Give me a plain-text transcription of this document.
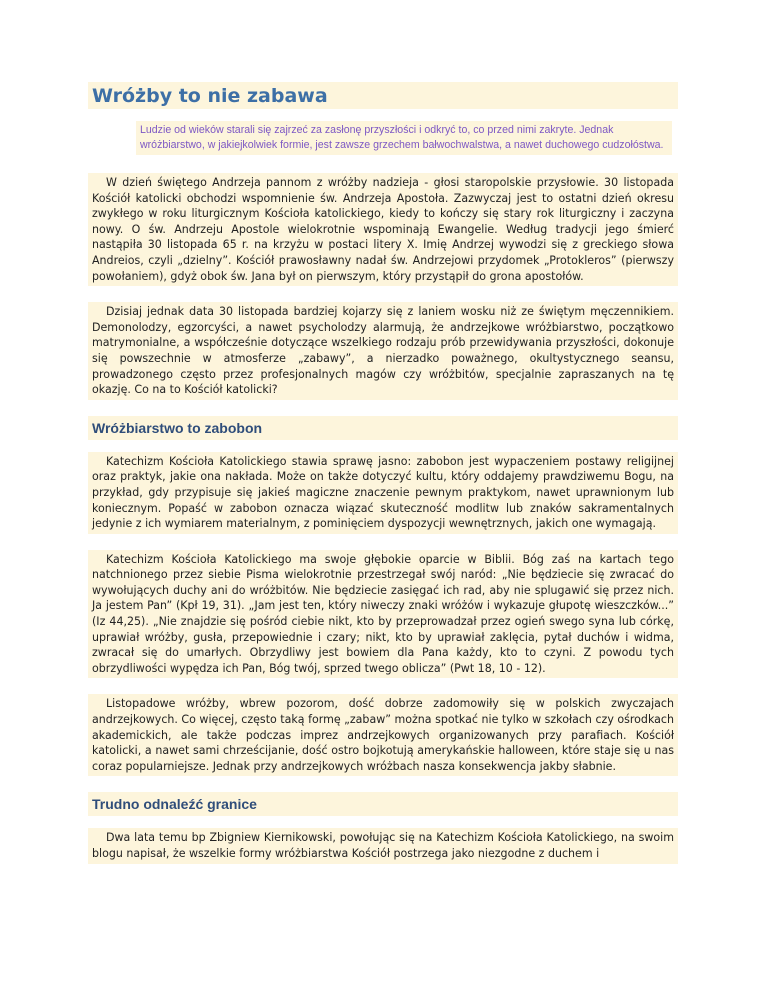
Wróżby to nie zabawa
Ludzie od wieków starali się zajrzeć za zasłonę przyszłości i odkryć to, co przed nimi zakryte. Jednak wróżbiarstwo, w jakiejkolwiek formie, jest zawsze grzechem bałwochwalstwa, a nawet duchowego cudzołóstwa.
W dzień świętego Andrzeja pannom z wróżby nadzieja - głosi staropolskie przysłowie. 30 listopada Kościół katolicki obchodzi wspomnienie św. Andrzeja Apostoła. Zazwyczaj jest to ostatni dzień okresu zwykłego w roku liturgicznym Kościoła katolickiego, kiedy to kończy się stary rok liturgiczny i zaczyna nowy. O św. Andrzeju Apostole wielokrotnie wspominają Ewangelie. Według tradycji jego śmierć nastąpiła 30 listopada 65 r. na krzyżu w postaci litery X. Imię Andrzej wywodzi się z greckiego słowa Andreios, czyli „dzielny”. Kościół prawosławny nadał św. Andrzejowi przydomek „Protokleros” (pierwszy powołaniem), gdyż obok św. Jana był on pierwszym, który przystąpił do grona apostołów.
Dzisiaj jednak data 30 listopada bardziej kojarzy się z laniem wosku niż ze świętym męczennikiem. Demonolodzy, egzorcyści, a nawet psycholodzy alarmują, że andrzejkowe wróżbiarstwo, początkowo matrymonialne, a współcześnie dotyczące wszelkiego rodzaju prób przewidywania przyszłości, dokonuje się powszechnie w atmosferze „zabawy”, a nierzadko poważnego, okultystycznego seansu, prowadzonego często przez profesjonalnych magów czy wróżbitów, specjalnie zapraszanych na tę okazję. Co na to Kościół katolicki?
Wróżbiarstwo to zabobon
Katechizm Kościoła Katolickiego stawia sprawę jasno: zabobon jest wypaczeniem postawy religijnej oraz praktyk, jakie ona nakłada. Może on także dotyczyć kultu, który oddajemy prawdziwemu Bogu, na przykład, gdy przypisuje się jakieś magiczne znaczenie pewnym praktykom, nawet uprawnionym lub koniecznym. Popaść w zabobon oznacza wiązać skuteczność modlitw lub znaków sakramentalnych jedynie z ich wymiarem materialnym, z pominięciem dyspozycji wewnętrznych, jakich one wymagają.
Katechizm Kościoła Katolickiego ma swoje głębokie oparcie w Biblii. Bóg zaś na kartach tego natchnionego przez siebie Pisma wielokrotnie przestrzegał swój naród: „Nie będziecie się zwracać do wywołujących duchy ani do wróżbitów. Nie będziecie zasięgać ich rad, aby nie splugawić się przez nich. Ja jestem Pan” (Kpł 19, 31). „Jam jest ten, który niweczy znaki wróżów i wykazuje głupotę wieszczków...” (Iz 44,25). „Nie znajdzie się pośród ciebie nikt, kto by przeprowadzał przez ogień swego syna lub córkę, uprawiał wróżby, gusła, przepowiednie i czary; nikt, kto by uprawiał zaklęcia, pytał duchów i widma, zwracał się do umarłych. Obrzydliwy jest bowiem dla Pana każdy, kto to czyni. Z powodu tych obrzydliwości wypędza ich Pan, Bóg twój, sprzed twego oblicza” (Pwt 18, 10 - 12).
Listopadowe wróżby, wbrew pozorom, dość dobrze zadomowiły się w polskich zwyczajach andrzejkowych. Co więcej, często taką formę „zabaw” można spotkać nie tylko w szkołach czy ośrodkach akademickich, ale także podczas imprez andrzejkowych organizowanych przy parafiach. Kościół katolicki, a nawet sami chrześcijanie, dość ostro bojkotują amerykańskie halloween, które staje się u nas coraz popularniejsze. Jednak przy andrzejkowych wróżbach nasza konsekwencja jakby słabnie.
Trudno odnaleźć granice
Dwa lata temu bp Zbigniew Kiernikowski, powołując się na Katechizm Kościoła Katolickiego, na swoim blogu napisał, że wszelkie formy wróżbiarstwa Kościół postrzega jako niezgodne z duchem i
